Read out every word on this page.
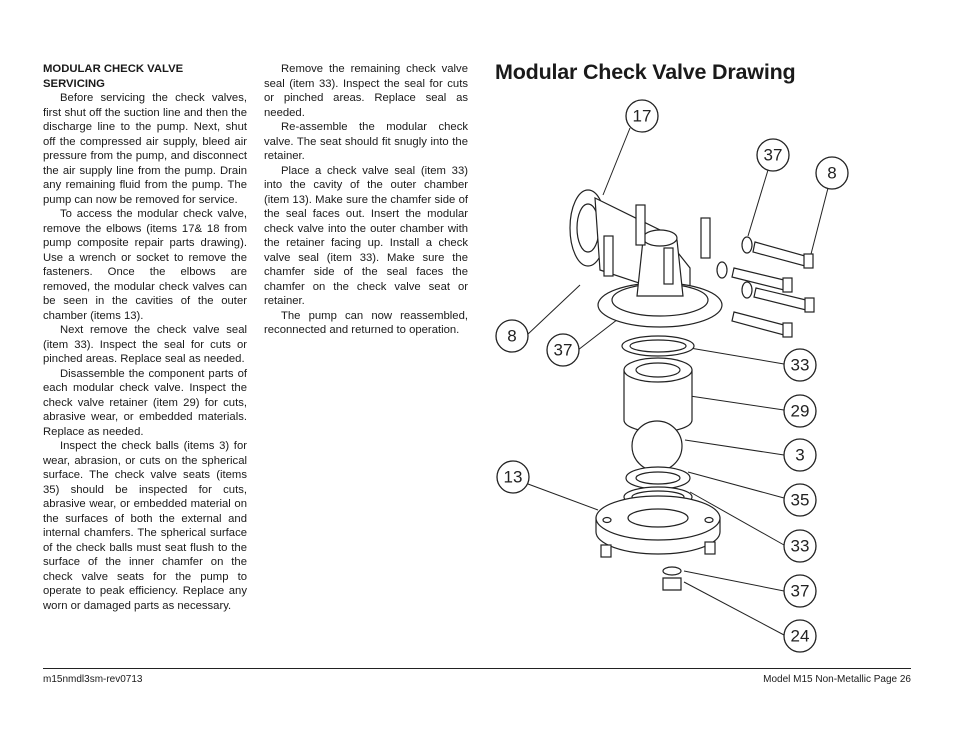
MODULAR CHECK VALVE SERVICING

Before servicing the check valves, first shut off the suction line and then the discharge line to the pump. Next, shut off the compressed air supply, bleed air pressure from the pump, and disconnect the air supply line from the pump. Drain any remaining fluid from the pump. The pump can now be removed for service.

To access the modular check valve, remove the elbows (items 17& 18 from pump composite repair parts drawing). Use a wrench or socket to remove the fasteners. Once the elbows are removed, the modular check valves can be seen in the cavities of the outer chamber (items 13).

Next remove the check valve seal (item 33). Inspect the seal for cuts or pinched areas. Replace seal as needed.

Disassemble the component parts of each modular check valve. Inspect the check valve retainer (item 29) for cuts, abrasive wear, or embedded materials. Replace as needed.

Inspect the check balls (items 3) for wear, abrasion, or cuts on the spherical surface. The check valve seats (items 35) should be inspected for cuts, abrasive wear, or embedded material on the surfaces of both the external and internal chamfers. The spherical surface of the check balls must seat flush to the surface of the inner chamfer on the check valve seats for the pump to operate to peak efficiency. Replace any worn or damaged parts as necessary.

Remove the remaining check valve seal (item 33). Inspect the seal for cuts or pinched areas. Replace seal as needed.

Re-assemble the modular check valve. The seat should fit snugly into the retainer.

Place a check valve seal (item 33) into the cavity of the outer chamber (item 13). Make sure the chamfer side of the seal faces out. Insert the modular check valve into the outer chamber with the retainer facing up. Install a check valve seal (item 33). Make sure the chamfer side of the seal faces the chamfer on the check valve seat or retainer.

The pump can now reassembled, reconnected and returned to operation.

Modular Check Valve Drawing
17
37
8
8
37
33
29
3
13
35
33
37
24
m15nmdl3sm-rev0713	Model M15 Non-Metallic Page 26
